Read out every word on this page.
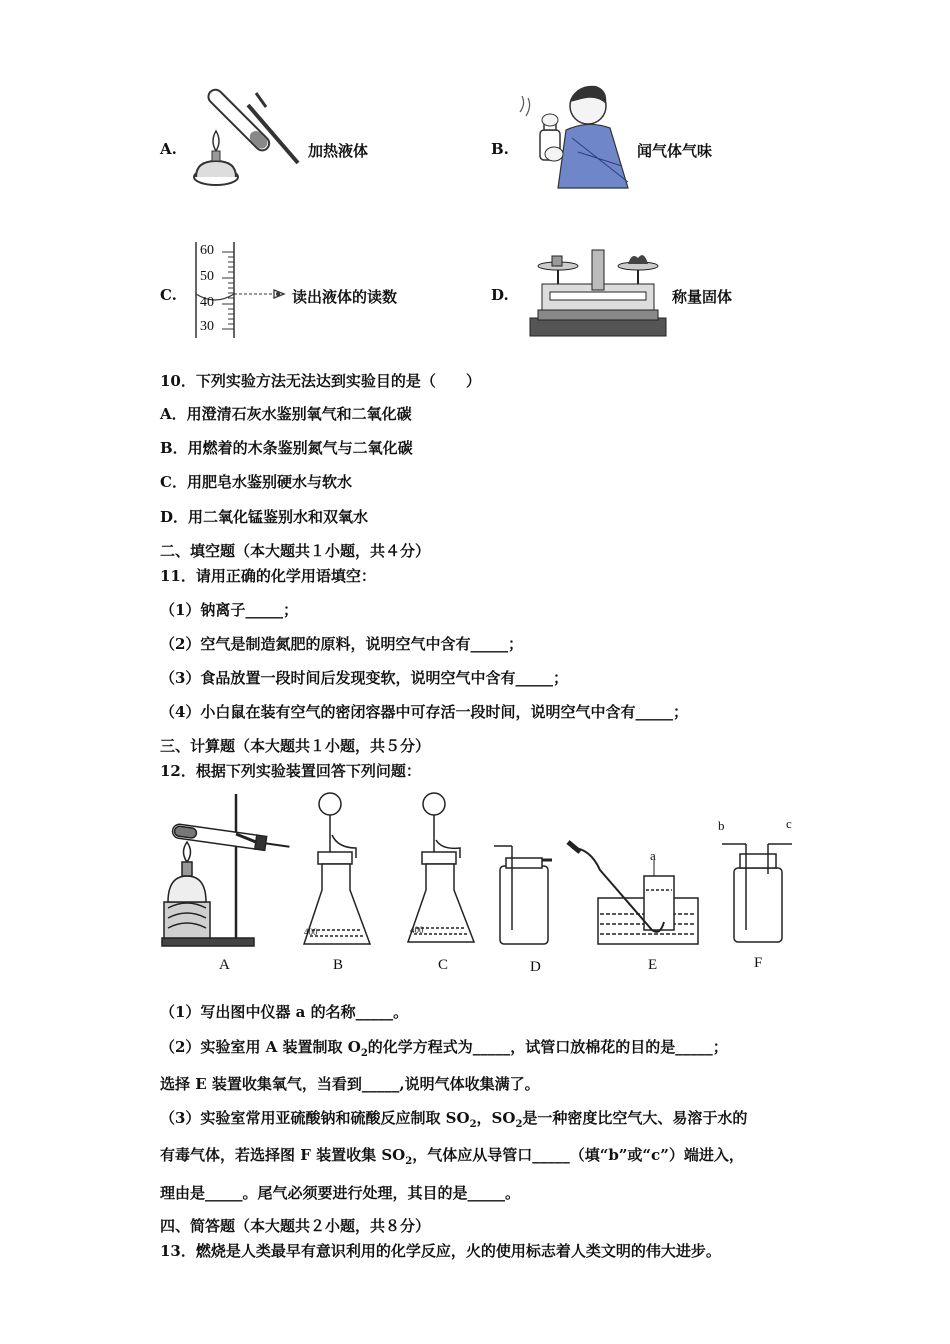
A.	加热液体	B.	闻气体气味
C.
60
50
40
30
读出液体的读数	D.	称量固体
10．下列实验方法无法达到实验目的是（　　）
A．用澄清石灰水鉴别氧气和二氧化碳
B．用燃着的木条鉴别氮气与二氧化碳
C．用肥皂水鉴别硬水与软水
D．用二氧化锰鉴别水和双氧水
二、填空题（本大题共１小题，共４分）
11．请用正确的化学用语填空：
（1）钠离子_____；
（2）空气是制造氮肥的原料，说明空气中含有_____；
（3）食品放置一段时间后发现变软，说明空气中含有_____；
（4）小白鼠在装有空气的密闭容器中可存活一段时间，说明空气中含有_____；
三、计算题（本大题共１小题，共５分）
12．根据下列实验装置回答下列问题：
400	400
a
b	c
A	B	C	D	E	F
（1）写出图中仪器 a 的名称_____。
（2）实验室用 A 装置制取 $O_2$的化学方程式为_____，试管口放棉花的目的是_____；
选择 E 装置收集氧气，当看到_____,说明气体收集满了。
（3）实验室常用亚硫酸钠和硫酸反应制取 $SO_2$，$SO_2$是一种密度比空气大、易溶于水的
有毒气体，若选择图 F 装置收集 $SO_2$，气体应从导管口_____（填“b”或“c”）端进入，
理由是_____。尾气必须要进行处理，其目的是_____。
四、简答题（本大题共２小题，共８分）
13．燃烧是人类最早有意识利用的化学反应，火的使用标志着人类文明的伟大进步。
